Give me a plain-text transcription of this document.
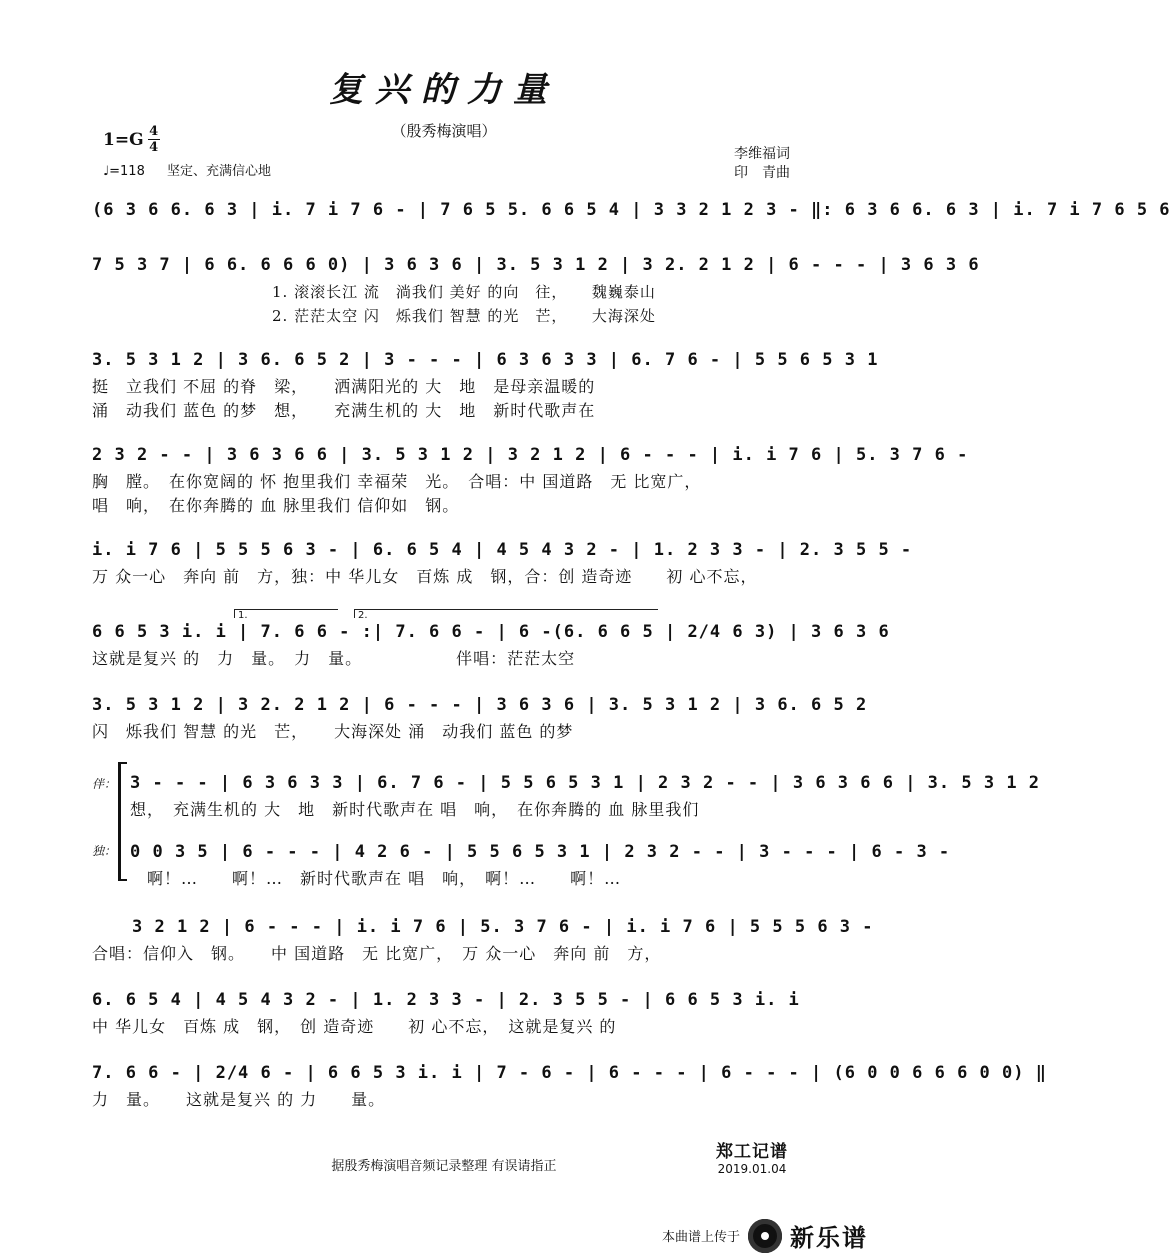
复兴的力量
（殷秀梅演唱）
$1=G \frac{4}{4}$
♩=118 坚定、充满信心地
李维福词
印　青曲
(6 3 6 6. 6 3 | i. 7 i 7 6 - | 7 6 5 5. 6 6 5 4 | 3 3 2 1 2 3 - ‖: 6 3 6 6. 6 3 | i. 7 i 7 6 5 6
7 5 3 7 | 6 6. 6 6 6 0) | 3 6 3 6 | 3. 5 3 1 2 | 3 2. 2 1 2 | 6 - - - | 3 6 3 6
1. 滚滚长江 流　淌我们 美好 的向　往，　　魏巍泰山
2. 茫茫太空 闪　烁我们 智慧 的光　芒，　　大海深处
3. 5 3 1 2 | 3 6. 6 5 2 | 3 - - - | 6 3 6 3 3 | 6. 7 6 - | 5 5 6 5 3 1
挺　立我们 不屈 的脊　梁，　　洒满阳光的 大　地　是母亲温暖的
涌　动我们 蓝色 的梦　想，　　充满生机的 大　地　新时代歌声在
2 3 2 - - | 3 6 3 6 6 | 3. 5 3 1 2 | 3 2 1 2 | 6 - - - | i. i 7 6 | 5. 3 7 6 -
胸　膛。　在你宽阔的 怀 抱里我们 幸福荣　光。　合唱：中 国道路　无 比宽广，
唱　响，　在你奔腾的 血 脉里我们 信仰如　钢。
i. i 7 6 | 5 5 5 6 3 - | 6. 6 5 4 | 4 5 4 3 2 - | 1. 2 3 3 - | 2. 3 5 5 -
万 众一心　奔向 前　方，独：中 华儿女　百炼 成　钢，合：创 造奇迹　　初 心不忘，
1.	2.
6 6 5 3 i. i | 7. 6 6 - :| 7. 6 6 - | 6 -(6. 6 6 5 | 2/4 6 3) | 3 6 3 6
这就是复兴 的　力　量。　力　量。　　　　　　伴唱：茫茫太空
3. 5 3 1 2 | 3 2. 2 1 2 | 6 - - - | 3 6 3 6 | 3. 5 3 1 2 | 3 6. 6 5 2
闪　烁我们 智慧 的光　芒，　　大海深处 涌　动我们 蓝色 的梦
伴：
独：
3 - - - | 6 3 6 3 3 | 6. 7 6 - | 5 5 6 5 3 1 | 2 3 2 - - | 3 6 3 6 6 | 3. 5 3 1 2
想，　充满生机的 大　地　新时代歌声在 唱　响，　在你奔腾的 血 脉里我们
0 0 3 5 | 6 - - - | 4 2 6 - | 5 5 6 5 3 1 | 2 3 2 - - | 3 - - - | 6 - 3 -
　啊！…　　啊！…　新时代歌声在 唱　响，　啊！…　　啊！…
3 2 1 2 | 6 - - - | i. i 7 6 | 5. 3 7 6 - | i. i 7 6 | 5 5 5 6 3 -
合唱：信仰入　钢。　　中 国道路　无 比宽广，　万 众一心　奔向 前　方，
6. 6 5 4 | 4 5 4 3 2 - | 1. 2 3 3 - | 2. 3 5 5 - | 6 6 5 3 i. i
中 华儿女　百炼 成　钢，　创 造奇迹　　初 心不忘，　这就是复兴 的
7. 6 6 - | 2/4 6 - | 6 6 5 3 i. i | 7 - 6 - | 6 - - - | 6 - - - | (6 0 0 6 6 6 0 0) ‖
力　量。　　这就是复兴 的 力　　量。
郑工记谱
2019.01.04
据殷秀梅演唱音频记录整理 有误请指正
本曲谱上传于 新乐谱
